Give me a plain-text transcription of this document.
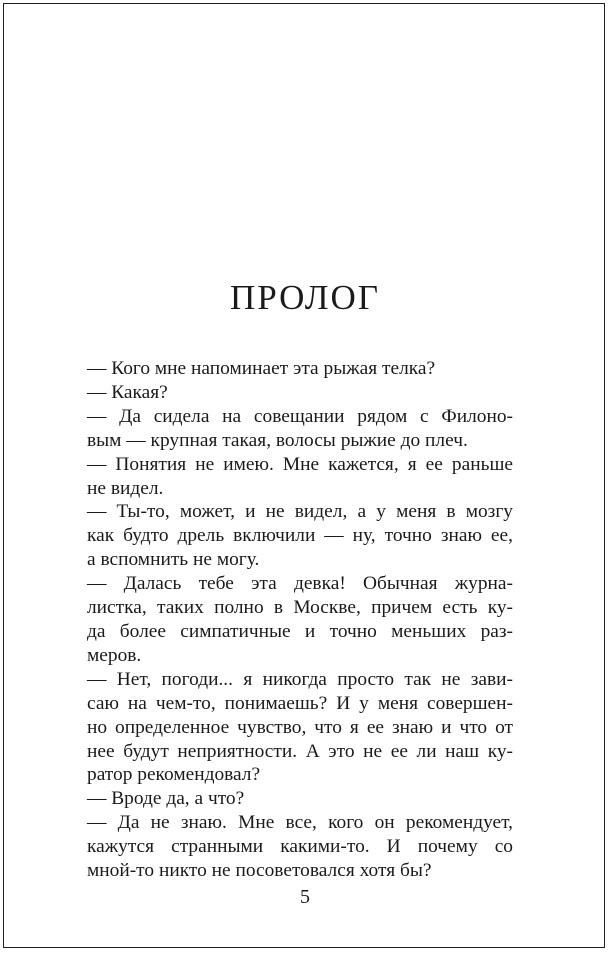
ПРОЛОГ

— Кого мне напоминает эта рыжая телка?

— Какая?

— Да сидела на совещании рядом с Филоно-
вым — крупная такая, волосы рыжие до плеч.

— Понятия не имею. Мне кажется, я ее раньше
не видел.

— Ты-то, может, и не видел, а у меня в мозгу
как будто дрель включили — ну, точно знаю ее,
а вспомнить не могу.

— Далась тебе эта девка! Обычная журна-
листка, таких полно в Москве, причем есть ку-
да более симпатичные и точно меньших раз-
меров.

— Нет, погоди... я никогда просто так не зави-
саю на чем-то, понимаешь? И у меня совершен-
но определенное чувство, что я ее знаю и что от
нее будут неприятности. А это не ее ли наш ку-
ратор рекомендовал?

— Вроде да, а что?

— Да не знаю. Мне все, кого он рекомендует,
кажутся странными какими-то. И почему со
мной-то никто не посоветовался хотя бы?

5
